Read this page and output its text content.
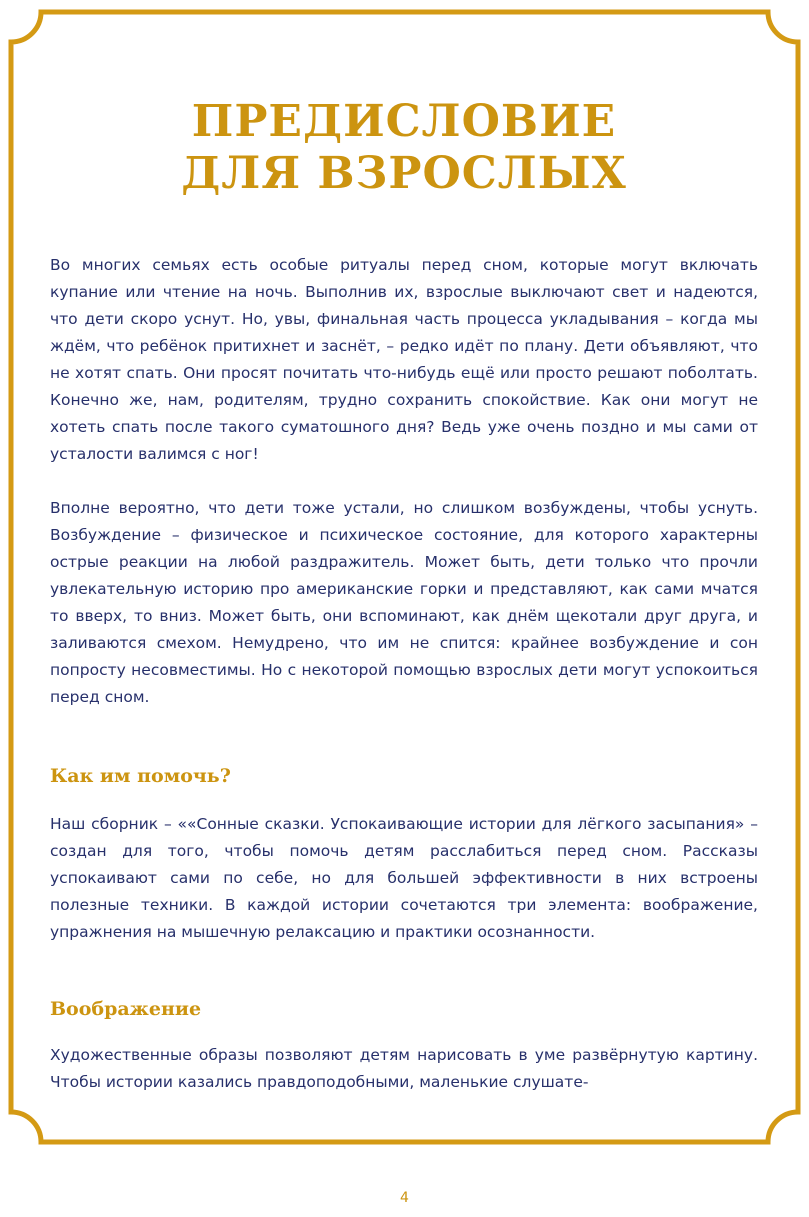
ПРЕДИСЛОВИЕ
ДЛЯ ВЗРОСЛЫХ

Во многих семьях есть особые ритуалы перед сном, которые могут включать купание или чтение на ночь. Выполнив их, взрослые выключают свет и надеются, что дети скоро уснут. Но, увы, финальная часть процесса укладывания – когда мы ждём, что ребёнок притихнет и заснёт, – редко идёт по плану. Дети объявляют, что не хотят спать. Они просят почитать что-нибудь ещё или просто решают поболтать. Конечно же, нам, родителям, трудно сохранить спокойствие. Как они могут не хотеть спать после такого суматошного дня? Ведь уже очень поздно и мы сами от усталости валимся с ног!

Вполне вероятно, что дети тоже устали, но слишком возбуждены, чтобы уснуть. Возбуждение – физическое и психическое состояние, для которого характерны острые реакции на любой раздражитель. Может быть, дети только что прочли увлекательную историю про американские горки и представляют, как сами мчатся то вверх, то вниз. Может быть, они вспоминают, как днём щекотали друг друга, и заливаются смехом. Немудрено, что им не спится: крайнее возбуждение и сон попросту несовместимы. Но с некоторой помощью взрослых дети могут успокоиться перед сном.

Как им помочь?

Наш сборник – ««Сонные сказки. Успокаивающие истории для лёгкого засыпания» – создан для того, чтобы помочь детям расслабиться перед сном. Рассказы успокаивают сами по себе, но для большей эффективности в них встроены полезные техники. В каждой истории сочетаются три элемента: воображение, упражнения на мышечную релаксацию и практики осознанности.

Воображение

Художественные образы позволяют детям нарисовать в уме развёрнутую картину. Чтобы истории казались правдоподобными, маленькие слушате-

4
